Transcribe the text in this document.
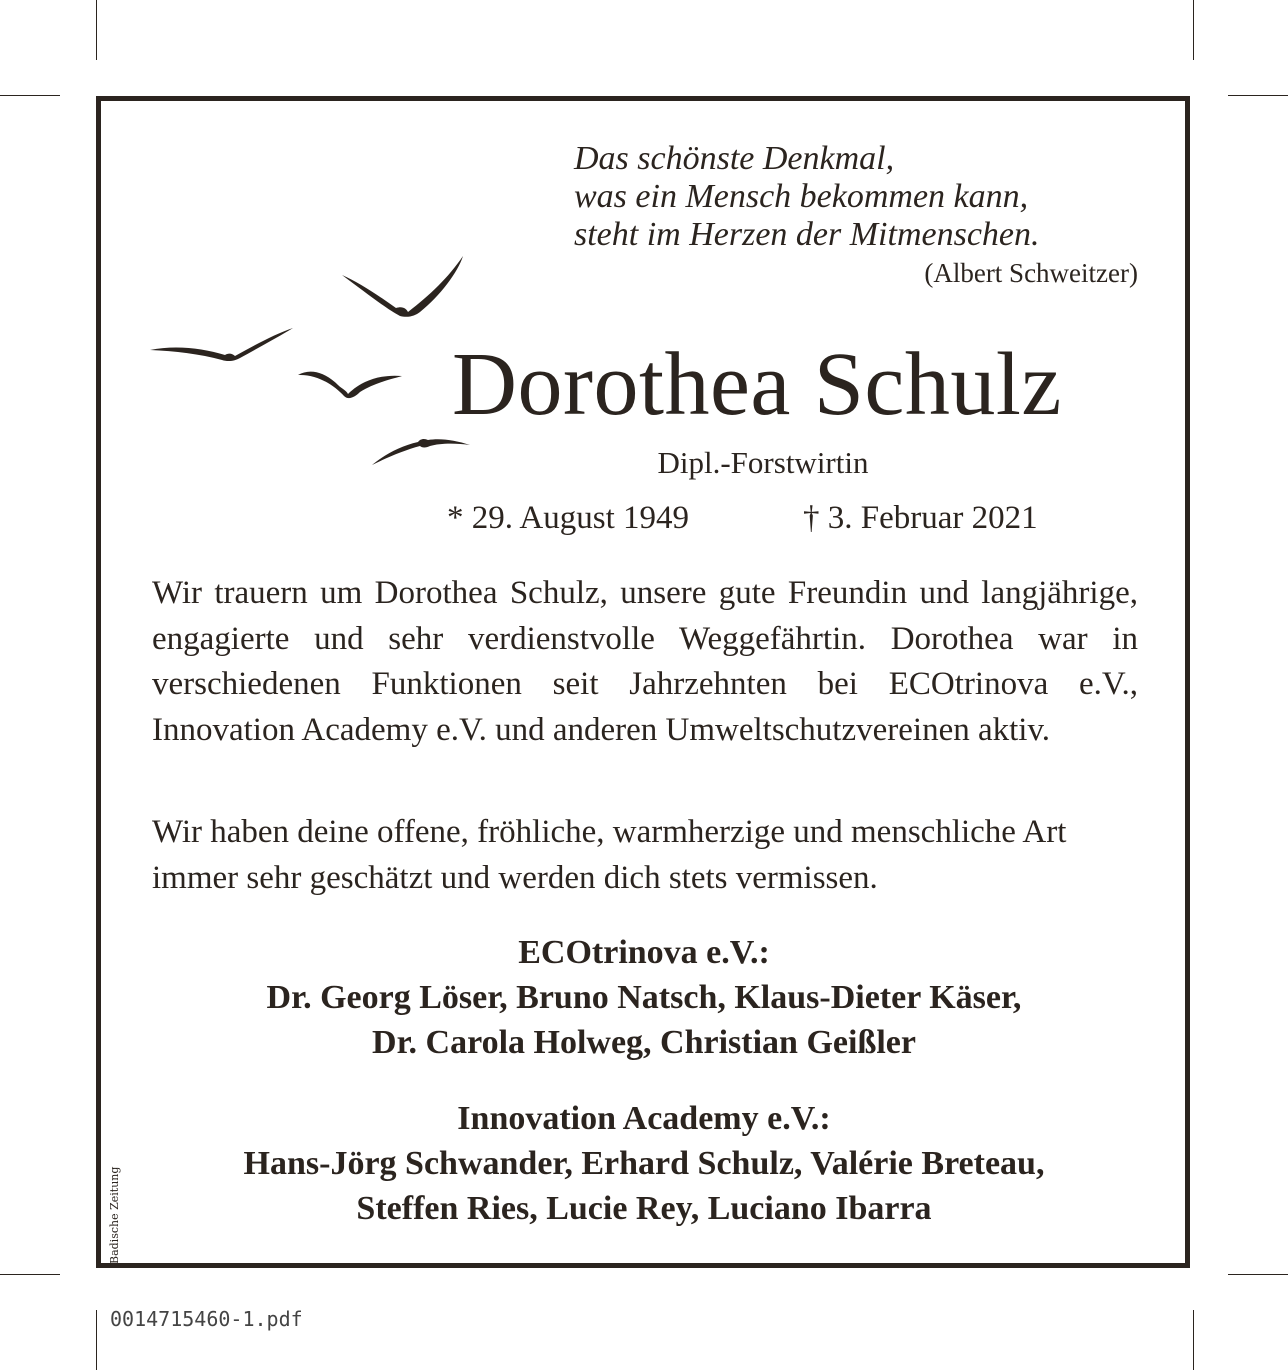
Das schönste Denkmal,
was ein Mensch bekommen kann,
steht im Herzen der Mitmenschen.
(Albert Schweitzer)
Dorothea Schulz
Dipl.-Forstwirtin
* 29. August 1949	† 3. Februar 2021

Wir trauern um Dorothea Schulz, unsere gute Freundin und langjährige, engagierte und sehr verdienstvolle Weggefährtin. Dorothea war in verschiedenen Funktionen seit Jahrzehnten bei ECOtrinova e.V., Innovation Academy e.V. und anderen Umweltschutzvereinen aktiv.

Wir haben deine offene, fröhliche, warmherzige und menschliche Art immer sehr geschätzt und werden dich stets vermissen.

ECOtrinova e.V.:
Dr. Georg Löser, Bruno Natsch, Klaus-Dieter Käser,
Dr. Carola Holweg, Christian Geißler
Innovation Academy e.V.:
Hans-Jörg Schwander, Erhard Schulz, Valérie Breteau,
Steffen Ries, Lucie Rey, Luciano Ibarra
Badische Zeitung
0014715460-1.pdf
